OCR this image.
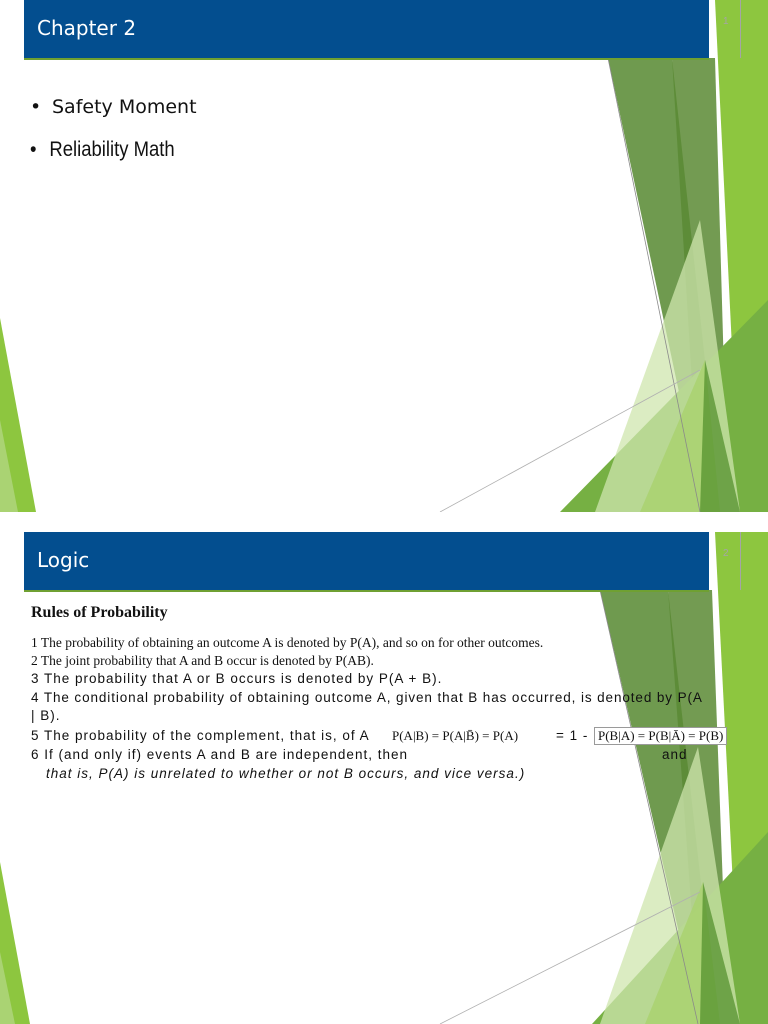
Chapter 2	1
• Safety Moment
• Reliability Math
Logic	2
Rules of Probability
1 The probability of obtaining an outcome A is denoted by P(A), and so on for other outcomes.
2 The joint probability that A and B occur is denoted by P(AB).
3 The probability that A or B occurs is denoted by P(A + B).
4 The conditional probability of obtaining outcome A, given that B has occurred, is denoted by P(A
| B).
5 The probability of the complement, that is, of A P(A|B) = P(A|B̄) = P(A)	= 1 - P(B|A) = P(B|Ā) = P(B)
6 If (and only if) events A and B are independent, then	and
that is, P(A) is unrelated to whether or not B occurs, and vice versa.)
